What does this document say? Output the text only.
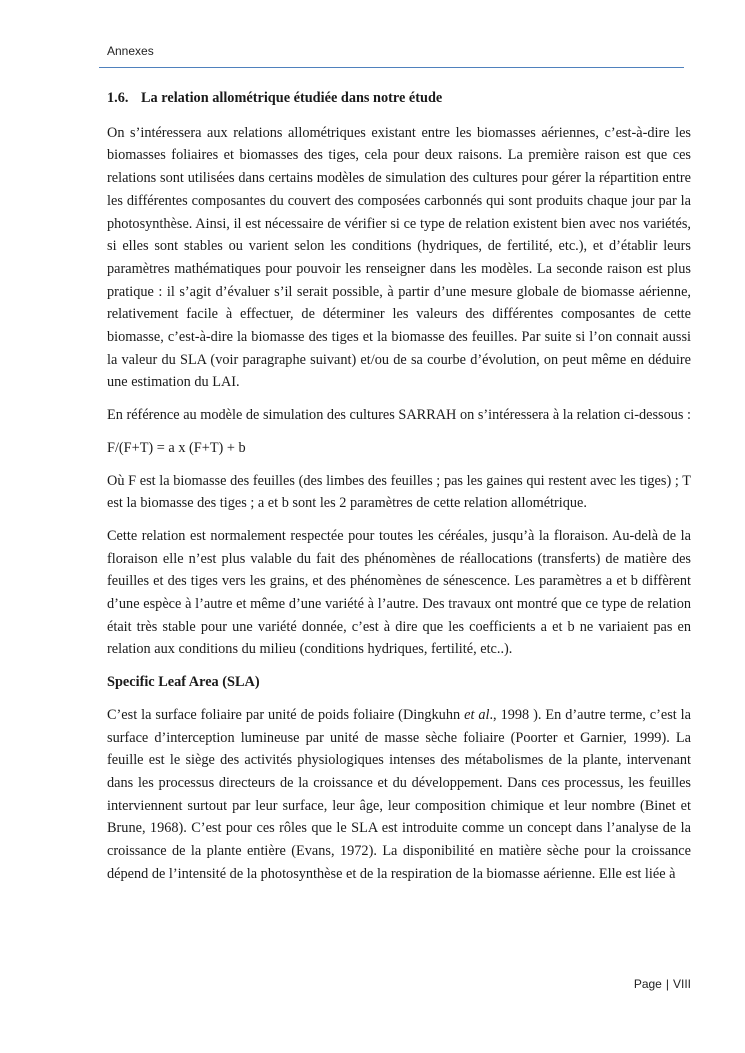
Annexes
1.6. La relation allométrique étudiée dans notre étude

On s’intéressera aux relations allométriques existant entre les biomasses aériennes, c’est-à-dire les biomasses foliaires et biomasses des tiges, cela pour deux raisons. La première raison est que ces relations sont utilisées dans certains modèles de simulation des cultures pour gérer la répartition entre les différentes composantes du couvert des composées carbonnés qui sont produits chaque jour par la photosynthèse. Ainsi, il est nécessaire de vérifier si ce type de relation existent bien avec nos variétés, si elles sont stables ou varient selon les conditions (hydriques, de fertilité, etc.), et d’établir leurs paramètres mathématiques pour pouvoir les renseigner dans les modèles. La seconde raison est plus pratique : il s’agit d’évaluer s’il serait possible, à partir d’une mesure globale de biomasse aérienne, relativement facile à effectuer, de déterminer les valeurs des différentes composantes de cette biomasse, c’est-à-dire la biomasse des tiges et la biomasse des feuilles. Par suite si l’on connait aussi la valeur du SLA (voir paragraphe suivant) et/ou de sa courbe d’évolution, on peut même en déduire une estimation du LAI.

En référence au modèle de simulation des cultures SARRAH on s’intéressera à la relation ci-dessous :

F/(F+T) = a x (F+T) + b

Où F est la biomasse des feuilles (des limbes des feuilles ; pas les gaines qui restent avec les tiges) ; T est la biomasse des tiges ; a et b sont les 2 paramètres de cette relation allométrique.

Cette relation est normalement respectée pour toutes les céréales, jusqu’à la floraison. Au-delà de la floraison elle n’est plus valable du fait des phénomènes de réallocations (transferts) de matière des feuilles et des tiges vers les grains, et des phénomènes de sénescence. Les paramètres a et b diffèrent d’une espèce à l’autre et même d’une variété à l’autre. Des travaux ont montré que ce type de relation était très stable pour une variété donnée, c’est à dire que les coefficients a et b ne variaient pas en relation aux conditions du milieu (conditions hydriques, fertilité, etc..).

Specific Leaf Area (SLA)

C’est la surface foliaire par unité de poids foliaire (Dingkuhn et al., 1998 ). En d’autre terme, c’est la surface d’interception lumineuse par unité de masse sèche foliaire (Poorter et Garnier, 1999). La feuille est le siège des activités physiologiques intenses des métabolismes de la plante, intervenant dans les processus directeurs de la croissance et du développement. Dans ces processus, les feuilles interviennent surtout par leur surface, leur âge, leur composition chimique et leur nombre (Binet et Brune, 1968). C’est pour ces rôles que le SLA est introduite comme un concept dans l’analyse de la croissance de la plante entière (Evans, 1972). La disponibilité en matière sèche pour la croissance dépend de l’intensité de la photosynthèse et de la respiration de la biomasse aérienne. Elle est liée à

Page | VIII
